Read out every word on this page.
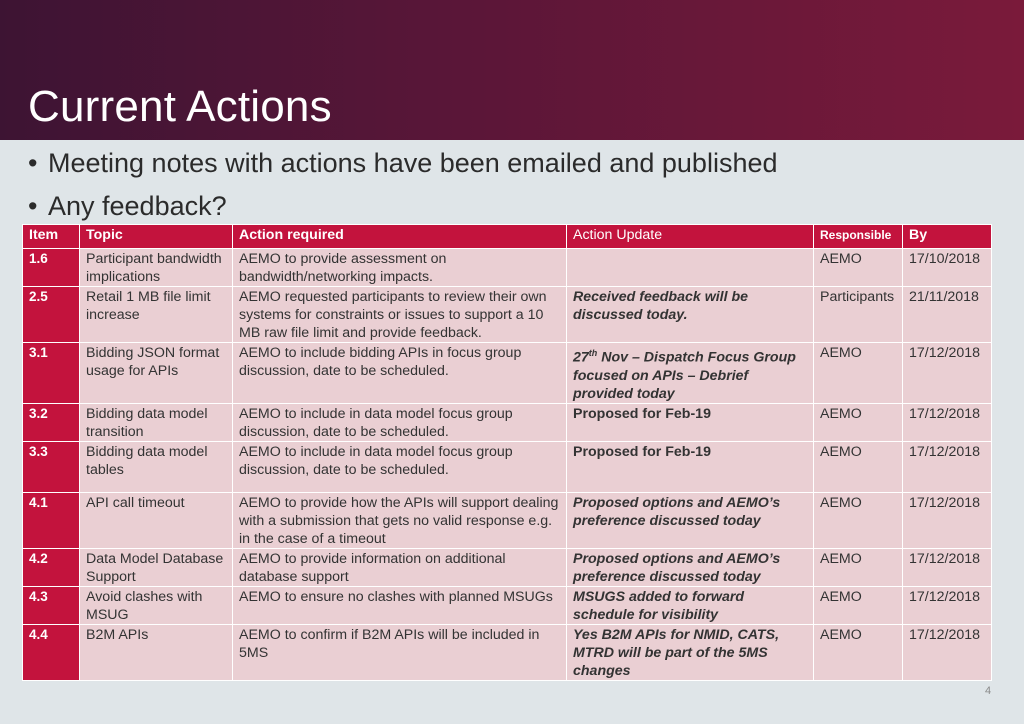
Current Actions
• Meeting notes with actions have been emailed and published
• Any feedback?
Item	Topic	Action required	Action Update	Responsible	By
1.6	Participant bandwidth implications	AEMO to provide assessment on bandwidth/networking impacts.		AEMO	17/10/2018
2.5	Retail 1 MB file limit increase	AEMO requested participants to review their own systems for constraints or issues to support a 10 MB raw file limit and provide feedback.	Received feedback will be discussed today.	Participants	21/11/2018
3.1	Bidding JSON format usage for APIs	AEMO to include bidding APIs in focus group discussion, date to be scheduled.	27th Nov – Dispatch Focus Group focused on APIs – Debrief provided today	AEMO	17/12/2018
3.2	Bidding data model transition	AEMO to include in data model focus group discussion, date to be scheduled.	Proposed for Feb-19	AEMO	17/12/2018
3.3	Bidding data model tables	AEMO to include in data model focus group discussion, date to be scheduled.	Proposed for Feb-19	AEMO	17/12/2018
4.1	API call timeout	AEMO to provide how the APIs will support dealing with a submission that gets no valid response e.g. in the case of a timeout	Proposed options and AEMO’s preference discussed today	AEMO	17/12/2018
4.2	Data Model Database Support	AEMO to provide information on additional database support	Proposed options and AEMO’s preference discussed today	AEMO	17/12/2018
4.3	Avoid clashes with MSUG	AEMO to ensure no clashes with planned MSUGs	MSUGS added to forward schedule for visibility	AEMO	17/12/2018
4.4	B2M APIs	AEMO to confirm if B2M APIs will be included in 5MS	Yes B2M APIs for NMID, CATS, MTRD will be part of the 5MS changes	AEMO	17/12/2018
4
